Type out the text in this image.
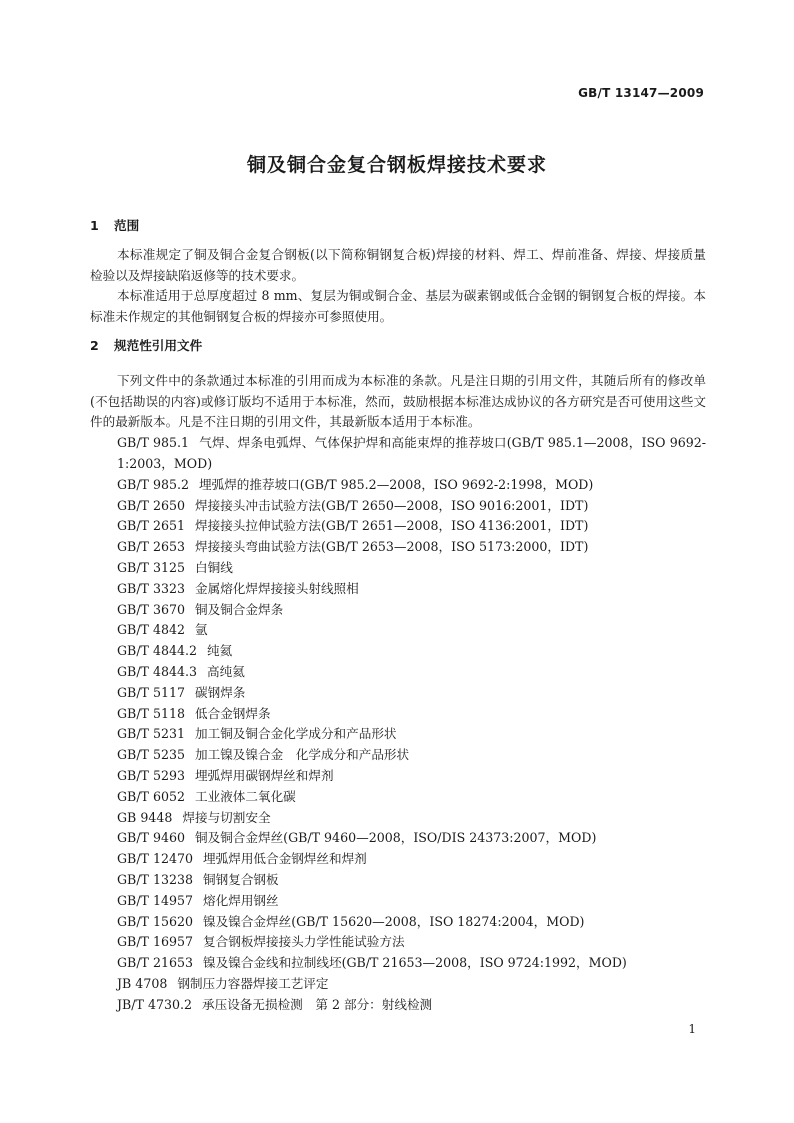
GB/T 13147—2009
铜及铜合金复合钢板焊接技术要求
1 范围
本标准规定了铜及铜合金复合钢板(以下简称铜钢复合板)焊接的材料、焊工、焊前准备、焊接、焊接质量检验以及焊接缺陷返修等的技术要求。
本标准适用于总厚度超过 8 mm、复层为铜或铜合金、基层为碳素钢或低合金钢的铜钢复合板的焊接。本标准未作规定的其他铜钢复合板的焊接亦可参照使用。
2 规范性引用文件
下列文件中的条款通过本标准的引用而成为本标准的条款。凡是注日期的引用文件，其随后所有的修改单(不包括勘误的内容)或修订版均不适用于本标准，然而，鼓励根据本标准达成协议的各方研究是否可使用这些文件的最新版本。凡是不注日期的引用文件，其最新版本适用于本标准。
GB/T 985.1 气焊、焊条电弧焊、气体保护焊和高能束焊的推荐坡口(GB/T 985.1—2008，ISO 9692-1:2003，MOD)
GB/T 985.2 埋弧焊的推荐坡口(GB/T 985.2—2008，ISO 9692-2:1998，MOD)
GB/T 2650 焊接接头冲击试验方法(GB/T 2650—2008，ISO 9016:2001，IDT)
GB/T 2651 焊接接头拉伸试验方法(GB/T 2651—2008，ISO 4136:2001，IDT)
GB/T 2653 焊接接头弯曲试验方法(GB/T 2653—2008，ISO 5173:2000，IDT)
GB/T 3125 白铜线
GB/T 3323 金属熔化焊焊接接头射线照相
GB/T 3670 铜及铜合金焊条
GB/T 4842 氩
GB/T 4844.2 纯氦
GB/T 4844.3 高纯氦
GB/T 5117 碳钢焊条
GB/T 5118 低合金钢焊条
GB/T 5231 加工铜及铜合金化学成分和产品形状
GB/T 5235 加工镍及镍合金　化学成分和产品形状
GB/T 5293 埋弧焊用碳钢焊丝和焊剂
GB/T 6052 工业液体二氧化碳
GB 9448 焊接与切割安全
GB/T 9460 铜及铜合金焊丝(GB/T 9460—2008，ISO/DIS 24373:2007，MOD)
GB/T 12470 埋弧焊用低合金钢焊丝和焊剂
GB/T 13238 铜钢复合钢板
GB/T 14957 熔化焊用钢丝
GB/T 15620 镍及镍合金焊丝(GB/T 15620—2008，ISO 18274:2004，MOD)
GB/T 16957 复合钢板焊接接头力学性能试验方法
GB/T 21653 镍及镍合金线和拉制线坯(GB/T 21653—2008，ISO 9724:1992，MOD)
JB 4708 钢制压力容器焊接工艺评定
JB/T 4730.2 承压设备无损检测　第 2 部分：射线检测
1
